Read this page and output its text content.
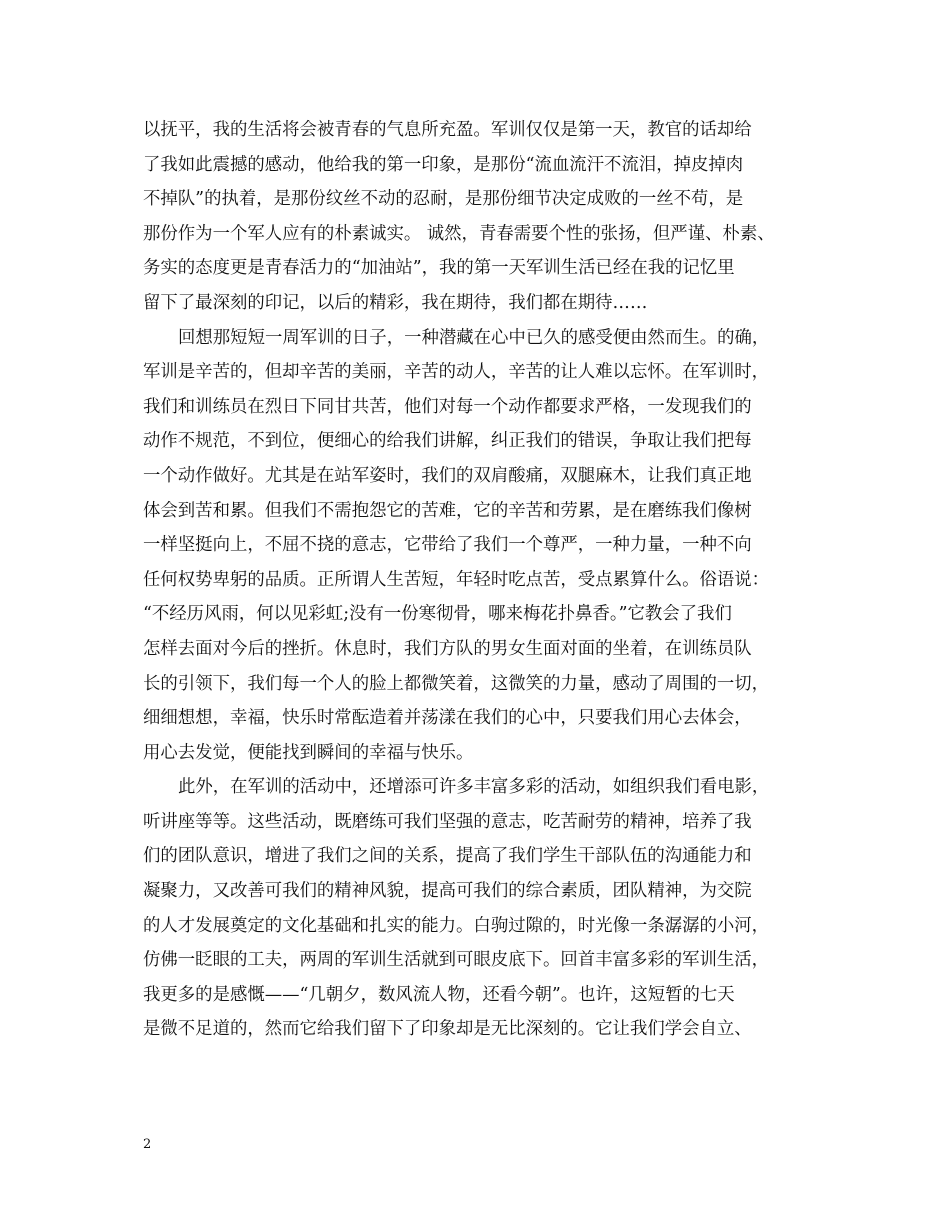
以抚平，我的生活将会被青春的气息所充盈。军训仅仅是第一天，教官的话却给
了我如此震撼的感动，他给我的第一印象，是那份“流血流汗不流泪，掉皮掉肉
不掉队”的执着，是那份纹丝不动的忍耐，是那份细节决定成败的一丝不苟，是
那份作为一个军人应有的朴素诚实。 诚然，青春需要个性的张扬，但严谨、朴素、
务实的态度更是青春活力的“加油站”，我的第一天军训生活已经在我的记忆里
留下了最深刻的印记，以后的精彩，我在期待，我们都在期待……
回想那短短一周军训的日子，一种潜藏在心中已久的感受便由然而生。的确，
军训是辛苦的，但却辛苦的美丽，辛苦的动人，辛苦的让人难以忘怀。在军训时，
我们和训练员在烈日下同甘共苦，他们对每一个动作都要求严格，一发现我们的
动作不规范，不到位，便细心的给我们讲解，纠正我们的错误，争取让我们把每
一个动作做好。尤其是在站军姿时，我们的双肩酸痛，双腿麻木，让我们真正地
体会到苦和累。但我们不需抱怨它的苦难，它的辛苦和劳累，是在磨练我们像树
一样坚挺向上，不屈不挠的意志，它带给了我们一个尊严，一种力量，一种不向
任何权势卑躬的品质。正所谓人生苦短，年轻时吃点苦，受点累算什么。俗语说：
“不经历风雨，何以见彩虹;没有一份寒彻骨，哪来梅花扑鼻香。”它教会了我们
怎样去面对今后的挫折。休息时，我们方队的男女生面对面的坐着，在训练员队
长的引领下，我们每一个人的脸上都微笑着，这微笑的力量，感动了周围的一切，
细细想想，幸福，快乐时常酝造着并荡漾在我们的心中，只要我们用心去体会，
用心去发觉，便能找到瞬间的幸福与快乐。
此外，在军训的活动中，还增添可许多丰富多彩的活动，如组织我们看电影，
听讲座等等。这些活动，既磨练可我们坚强的意志，吃苦耐劳的精神，培养了我
们的团队意识，增进了我们之间的关系，提高了我们学生干部队伍的沟通能力和
凝聚力，又改善可我们的精神风貌，提高可我们的综合素质，团队精神，为交院
的人才发展奠定的文化基础和扎实的能力。白驹过隙的，时光像一条潺潺的小河，
仿佛一眨眼的工夫，两周的军训生活就到可眼皮底下。回首丰富多彩的军训生活，
我更多的是感慨——“几朝夕，数风流人物，还看今朝”。也许，这短暂的七天
是微不足道的，然而它给我们留下了印象却是无比深刻的。它让我们学会自立、
2
